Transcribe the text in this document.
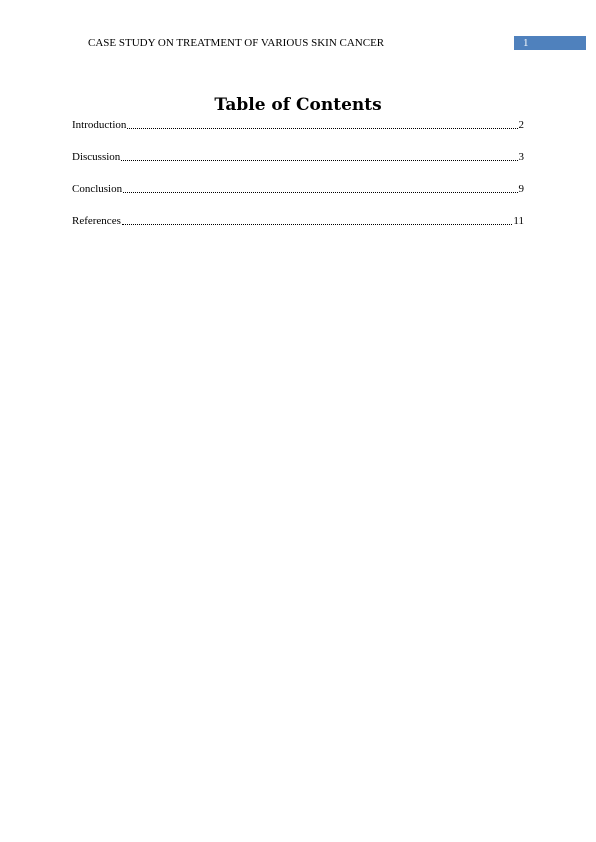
CASE STUDY ON TREATMENT OF VARIOUS SKIN CANCER	1
Table of Contents
Introduction	2
Discussion	3
Conclusion	9
References	11
